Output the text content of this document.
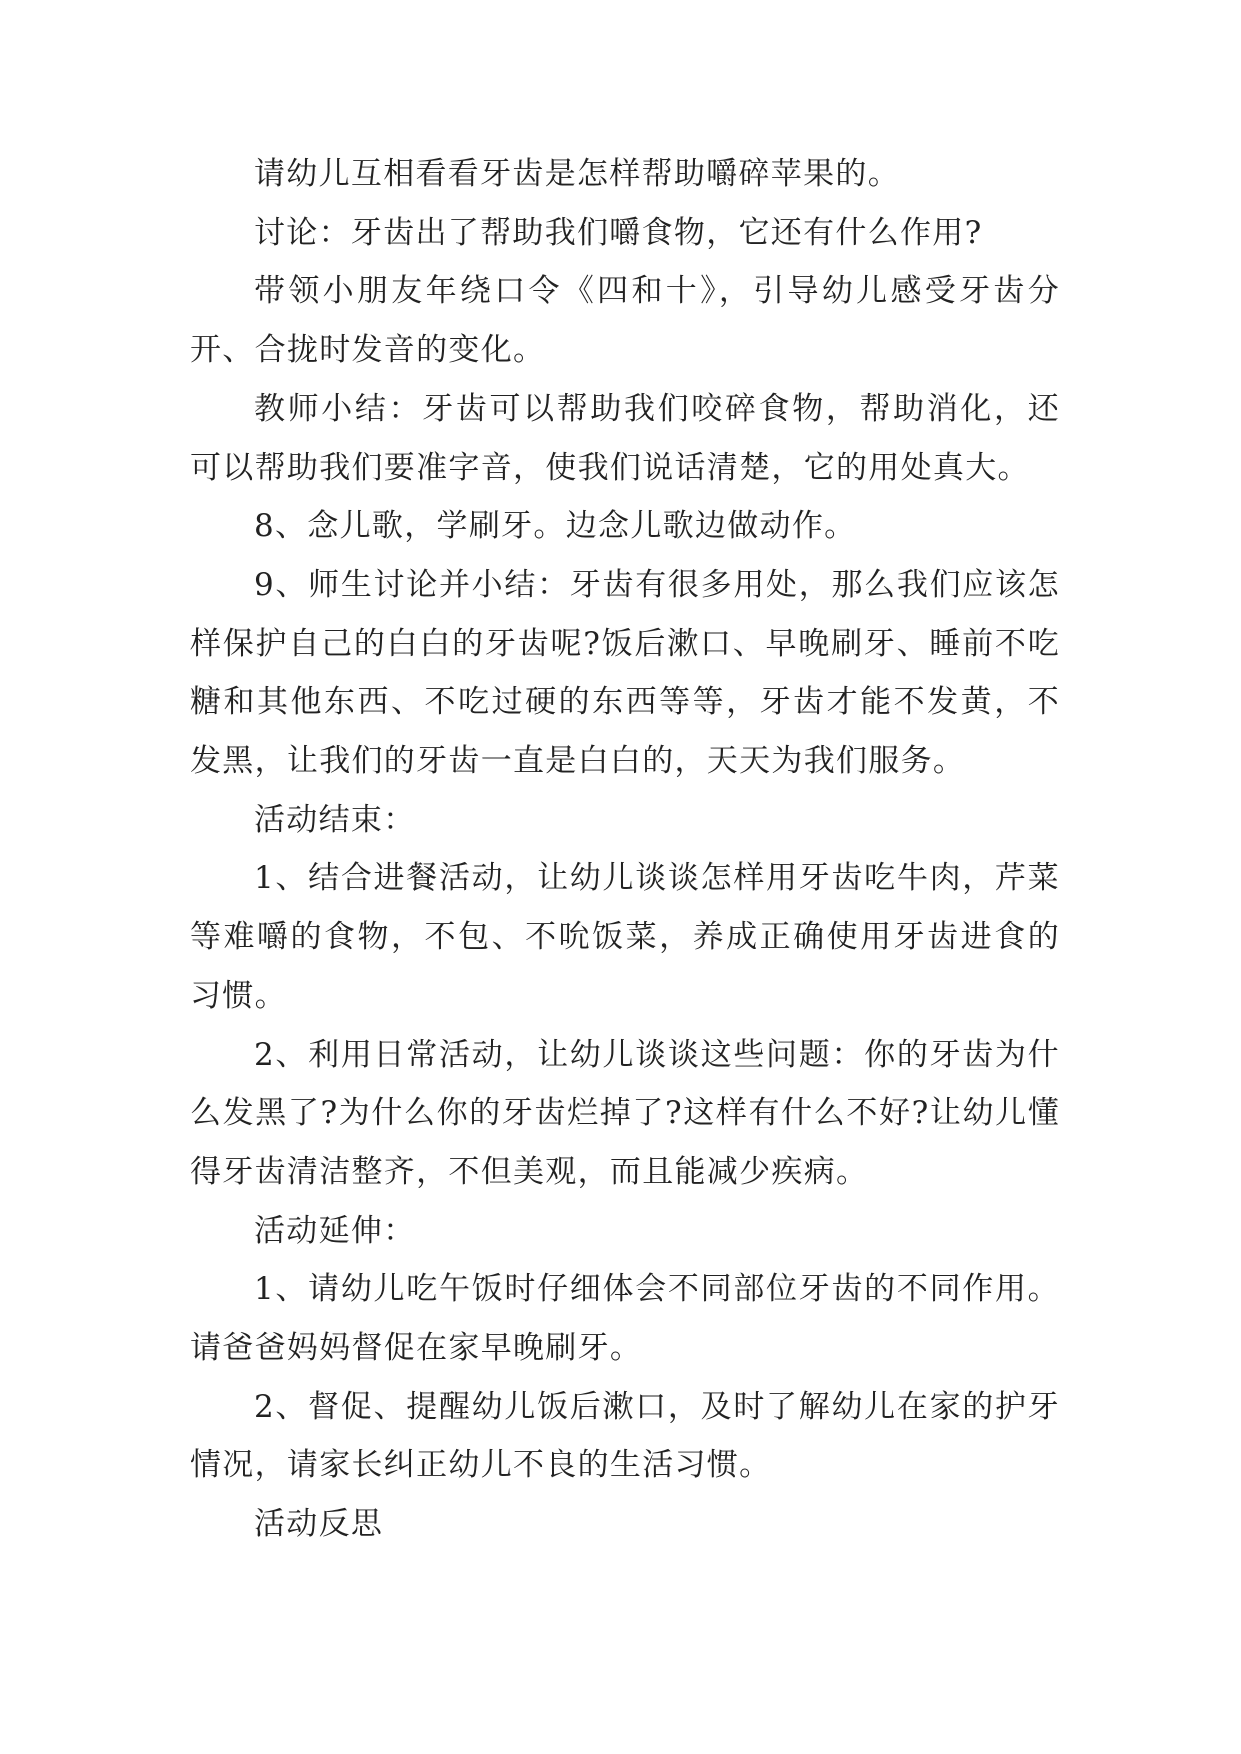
请幼儿互相看看牙齿是怎样帮助嚼碎苹果的。

讨论：牙齿出了帮助我们嚼食物，它还有什么作用?

带领小朋友年绕口令《四和十》，引导幼儿感受牙齿分开、合拢时发音的变化。

教师小结：牙齿可以帮助我们咬碎食物，帮助消化，还可以帮助我们要准字音，使我们说话清楚，它的用处真大。

8、念儿歌，学刷牙。边念儿歌边做动作。

9、师生讨论并小结：牙齿有很多用处，那么我们应该怎样保护自己的白白的牙齿呢?饭后漱口、早晚刷牙、睡前不吃糖和其他东西、不吃过硬的东西等等，牙齿才能不发黄，不发黑，让我们的牙齿一直是白白的，天天为我们服务。

活动结束：

1、结合进餐活动，让幼儿谈谈怎样用牙齿吃牛肉，芹菜等难嚼的食物，不包、不吮饭菜，养成正确使用牙齿进食的习惯。

2、利用日常活动，让幼儿谈谈这些问题：你的牙齿为什么发黑了?为什么你的牙齿烂掉了?这样有什么不好?让幼儿懂得牙齿清洁整齐，不但美观，而且能减少疾病。

活动延伸：

1、请幼儿吃午饭时仔细体会不同部位牙齿的不同作用。请爸爸妈妈督促在家早晚刷牙。

2、督促、提醒幼儿饭后漱口，及时了解幼儿在家的护牙情况，请家长纠正幼儿不良的生活习惯。

活动反思
